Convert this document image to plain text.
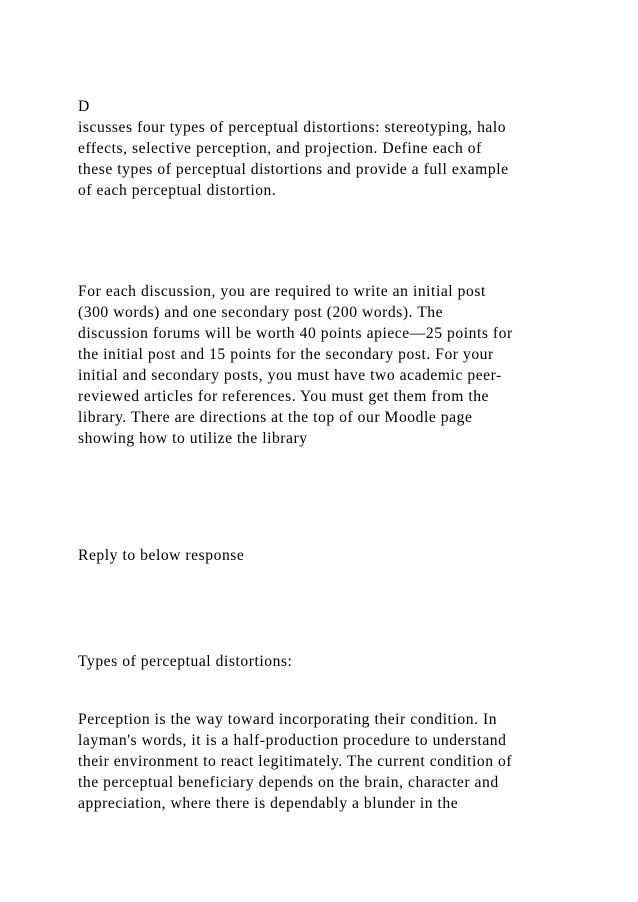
D

iscusses four types of perceptual distortions: stereotyping, halo

effects, selective perception, and projection. Define each of

these types of perceptual distortions and provide a full example

of each perceptual distortion.

For each discussion, you are required to write an initial post

(300 words) and one secondary post (200 words). The

discussion forums will be worth 40 points apiece—25 points for

the initial post and 15 points for the secondary post. For your

initial and secondary posts, you must have two academic peer-

reviewed articles for references. You must get them from the

library. There are directions at the top of our Moodle page

showing how to utilize the library

Reply to below response

Types of perceptual distortions:

Perception is the way toward incorporating their condition. In

layman's words, it is a half-production procedure to understand

their environment to react legitimately. The current condition of

the perceptual beneficiary depends on the brain, character and

appreciation, where there is dependably a blunder in the
